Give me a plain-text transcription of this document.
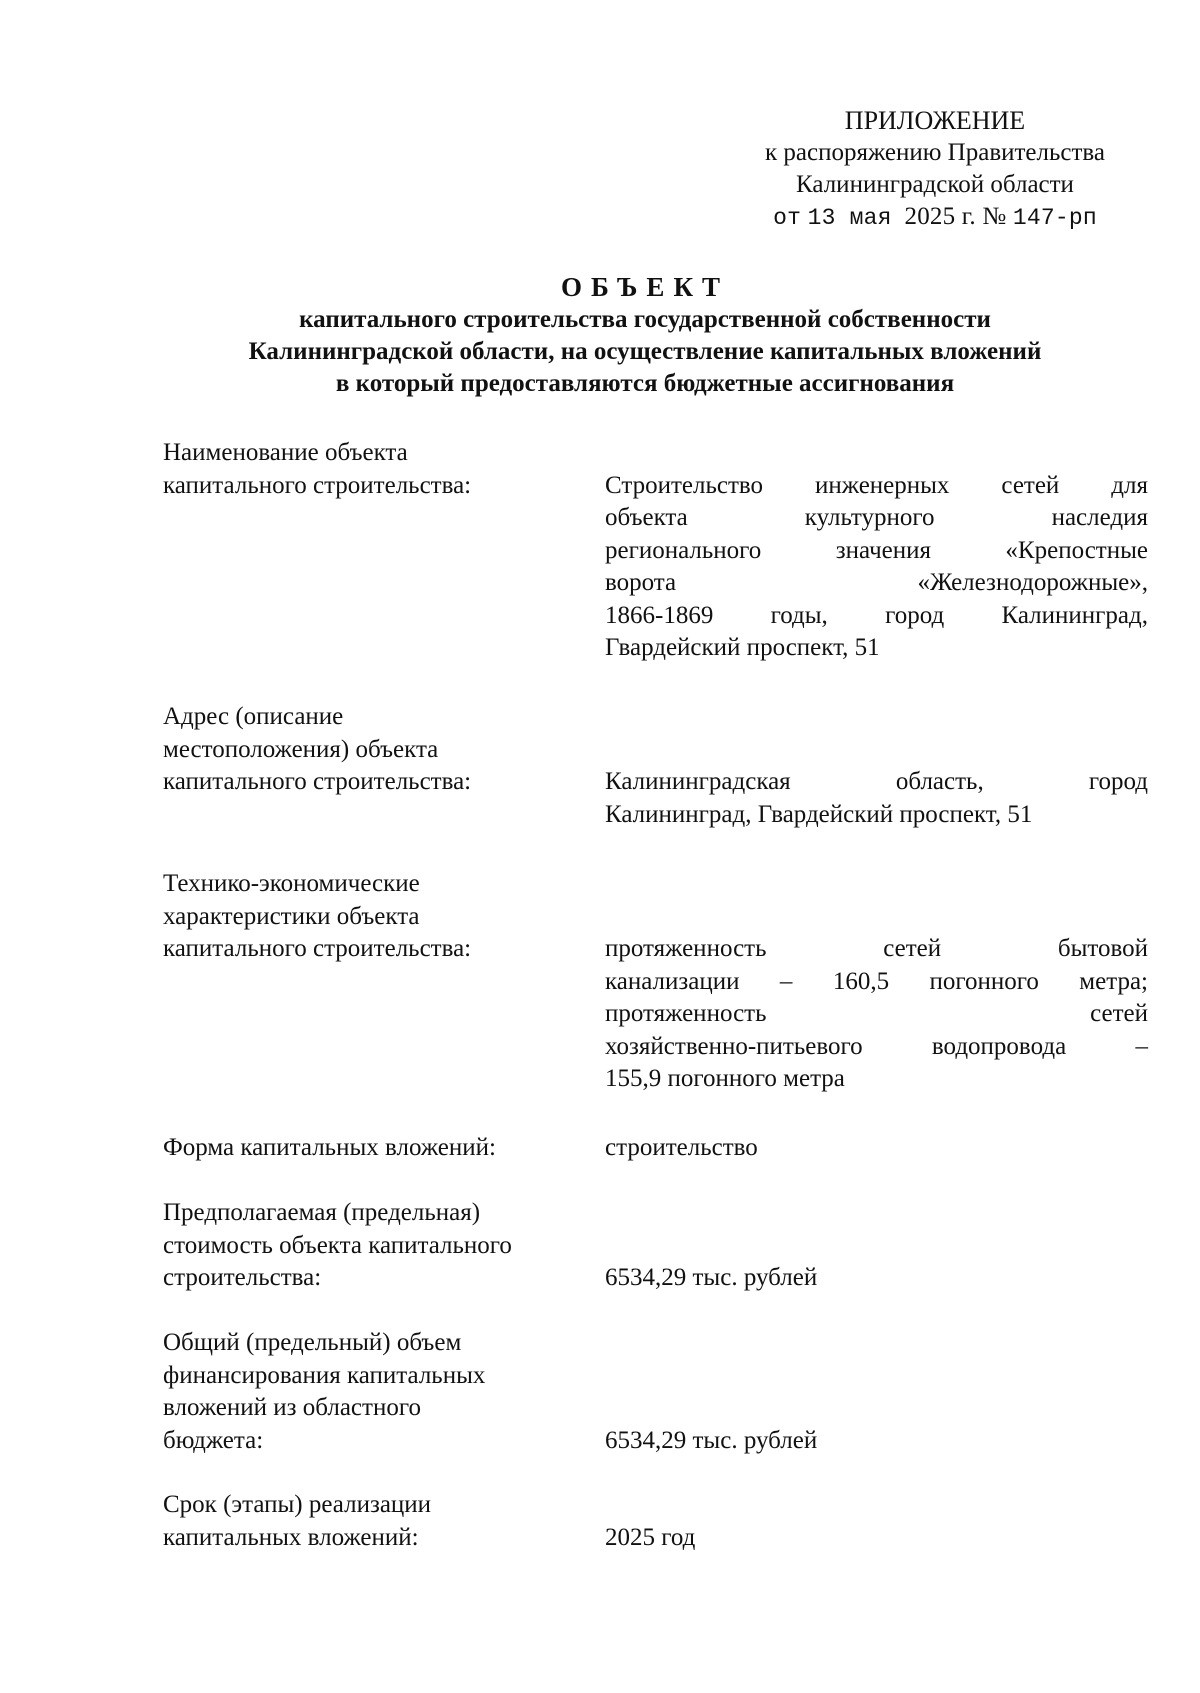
ПРИЛОЖЕНИЕ
к распоряжению Правительства
Калининградской области
от 13 мая 2025 г. № 147-рп
ОБЪЕКТ
капитального строительства государственной собственности
Калининградской области, на осуществление капитальных вложений
в который предоставляются бюджетные ассигнования
Наименование объекта
капитального строительства:	Строительство инженерных сетей для
объекта культурного наследия
регионального значения «Крепостные
ворота «Железнодорожные»,
1866-1869 годы, город Калининград,
Гвардейский проспект, 51
Адрес (описание
местоположения) объекта
капитального строительства:	Калининградская область, город
Калининград, Гвардейский проспект, 51
Технико-экономические
характеристики объекта
капитального строительства:	протяженность сетей бытовой
канализации – 160,5 погонного метра;
протяженность сетей
хозяйственно-питьевого водопровода –
155,9 погонного метра
Форма капитальных вложений:	строительство
Предполагаемая (предельная)
стоимость объекта капитального
строительства:	6534,29 тыс. рублей
Общий (предельный) объем
финансирования капитальных
вложений из областного
бюджета:	6534,29 тыс. рублей
Срок (этапы) реализации
капитальных вложений:	2025 год
